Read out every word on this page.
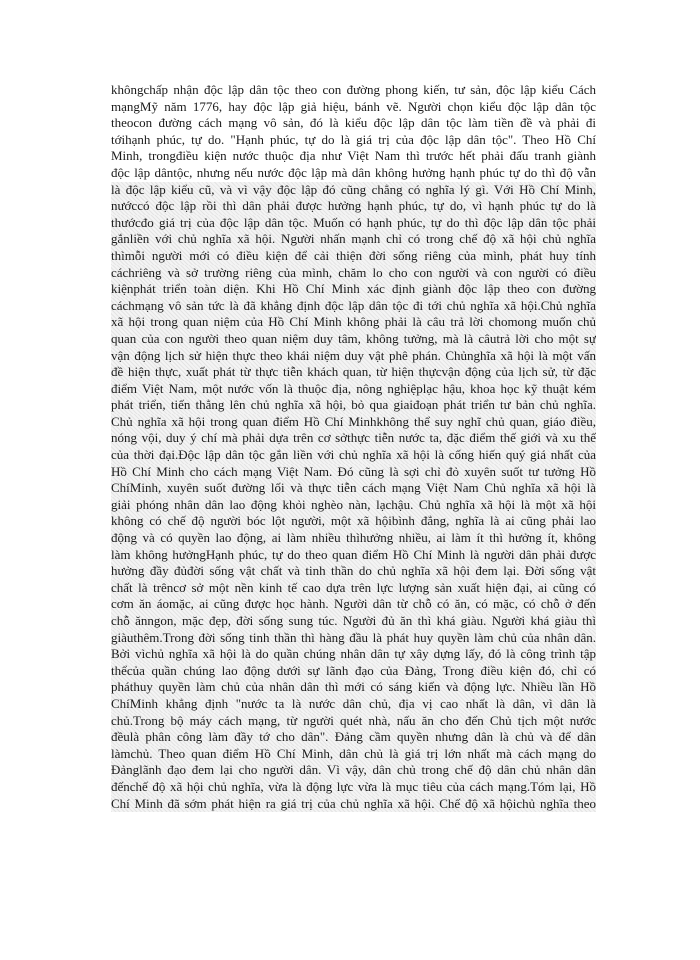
khôngchấp nhận độc lập dân tộc theo con đường phong kiến, tư sản, độc lập kiểu Cách
mạngMỹ năm 1776, hay độc lập giả hiệu, bánh vẽ. Người chọn kiểu độc lập dân tộc
theocon đường cách mạng vô sản, đó là kiểu độc lập dân tộc làm tiền đề và phải đi
tớihạnh phúc, tự do. "Hạnh phúc, tự do là giá trị của độc lập dân tộc". Theo Hồ Chí
Minh, trongđiều kiện nước thuộc địa như Việt Nam thì trước hết phải đấu tranh giành
độc lập dântộc, nhưng nếu nước độc lập mà dân không hưởng hạnh phúc tự do thì độ vẫn
là độc lập kiểu cũ, và vì vậy độc lập đó cũng chẳng có nghĩa lý gì. Với Hồ Chí Minh,
nướccó độc lập rồi thì dân phải được hưởng hạnh phúc, tự do, vì hạnh phúc tự do là
thướcđo giá trị của độc lập dân tộc. Muốn có hạnh phúc, tự do thì độc lập dân tộc phải
gắnliền với chủ nghĩa xã hội. Người nhấn mạnh chỉ có trong chế độ xã hội chủ nghĩa
thìmỗi người mới có điều kiện để cải thiện đời sống riêng của mình, phát huy tính
cáchriêng và sở trường riêng của mình, chăm lo cho con người và con người có điều
kiệnphát triển toàn diện. Khi Hồ Chí Minh xác định giành độc lập theo con đường
cáchmạng vô sản tức là đã khẳng định độc lập dân tộc đi tới chủ nghĩa xã hội.Chủ nghĩa
xã hội trong quan niệm của Hồ Chí Minh không phải là câu trả lời chomong muốn chủ
quan của con người theo quan niệm duy tâm, không tưởng, mà là câutrả lời cho một sự
vận động lịch sử hiện thực theo khái niệm duy vật phê phán. Chủnghĩa xã hội là một vấn
đề hiện thực, xuất phát từ thực tiễn khách quan, từ hiện thựcvận động của lịch sử, từ đặc
điểm Việt Nam, một nước vốn là thuộc địa, nông nghiệplạc hậu, khoa học kỹ thuật kém
phát triển, tiến thẳng lên chủ nghĩa xã hội, bỏ qua giaiđoạn phát triển tư bản chủ nghĩa.
Chủ nghĩa xã hội trong quan điểm Hồ Chí Minhkhông thể suy nghĩ chủ quan, giáo điều,
nóng vội, duy ý chí mà phải dựa trên cơ sởthực tiễn nước ta, đặc điểm thế giới và xu thế
của thời đại.Độc lập dân tộc gắn liền với chủ nghĩa xã hội là cống hiến quý giá nhất của
Hồ Chí Minh cho cách mạng Việt Nam. Đó cũng là sợi chỉ đỏ xuyên suốt tư tưởng Hồ
ChíMinh, xuyên suốt đường lối và thực tiễn cách mạng Việt Nam Chủ nghĩa xã hội là
giải phóng nhân dân lao động khỏi nghèo nàn, lạchậu. Chủ nghĩa xã hội là một xã hội
không có chế độ người bóc lột người, một xã hộibình đẳng, nghĩa là ai cũng phải lao
động và có quyền lao động, ai làm nhiều thìhưởng nhiều, ai làm ít thì hưởng ít, không
làm không hưởngHạnh phúc, tự do theo quan điểm Hồ Chí Minh là người dân phải được
hưởng đầy đủđời sống vật chất và tinh thần do chủ nghĩa xã hội đem lại. Đời sống vật
chất là trêncơ sở một nền kinh tế cao dựa trên lực lượng sản xuất hiện đại, ai cũng có
cơm ăn áomặc, ai cũng được học hành. Người dân từ chỗ có ăn, có mặc, có chỗ ở đến
chỗ ănngon, mặc đẹp, đời sống sung túc. Người đủ ăn thì khá giàu. Người khá giàu thì
giàuthêm.Trong đời sống tinh thần thì hàng đầu là phát huy quyền làm chủ của nhân dân.
Bởi vìchủ nghĩa xã hội là do quần chúng nhân dân tự xây dựng lấy, đó là công trình tập
thểcủa quần chúng lao động dưới sự lãnh đạo của Đảng, Trong điều kiện đó, chỉ có
pháthuy quyền làm chủ của nhân dân thì mới có sáng kiến và động lực. Nhiều lần Hồ
ChíMinh khẳng định "nước ta là nước dân chủ, địa vị cao nhất là dân, vì dân là
chủ.Trong bộ máy cách mạng, từ người quét nhà, nấu ăn cho đến Chủ tịch một nước
đềulà phân công làm đầy tớ cho dân". Đảng cầm quyền nhưng dân là chủ và để dân
làmchủ. Theo quan điểm Hồ Chí Minh, dân chủ là giá trị lớn nhất mà cách mạng do
Đảnglãnh đạo đem lại cho người dân. Vì vậy, dân chủ trong chế độ dân chủ nhân dân
đếnchế độ xã hội chủ nghĩa, vừa là động lực vừa là mục tiêu của cách mạng.Tóm lại, Hồ
Chí Minh đã sớm phát hiện ra giá trị của chủ nghĩa xã hội. Chế độ xã hộichủ nghĩa theo
